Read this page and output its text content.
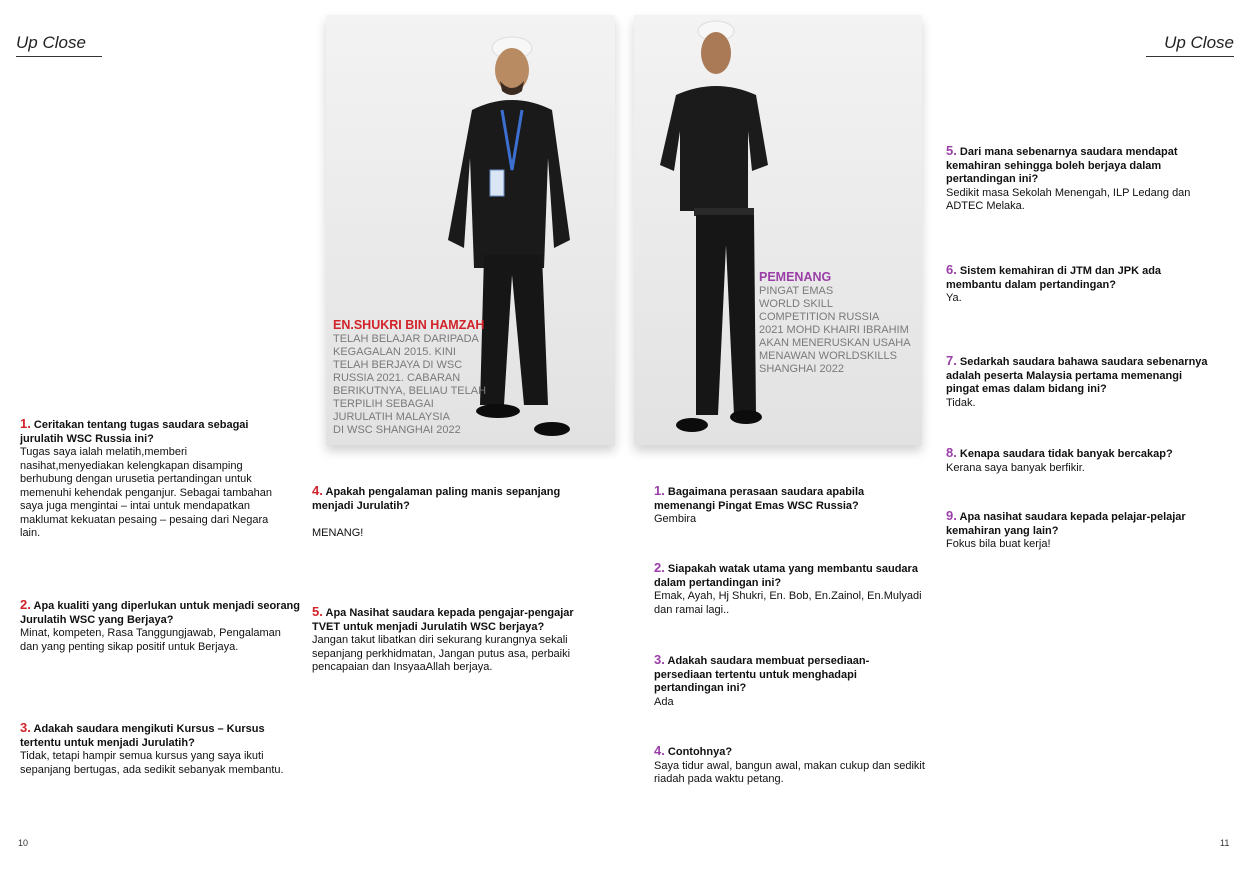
Up Close	Up Close
EN.SHUKRI BIN HAMZAH
TELAH BELAJAR DARIPADA
KEGAGALAN 2015. KINI
TELAH BERJAYA DI WSC
RUSSIA 2021. CABARAN
BERIKUTNYA, BELIAU TELAH
TERPILIH SEBAGAI
JURULATIH MALAYSIA
DI WSC SHANGHAI 2022
PEMENANG
PINGAT EMAS
WORLD SKILL
COMPETITION RUSSIA
2021 MOHD KHAIRI IBRAHIM
AKAN MENERUSKAN USAHA
MENAWAN WORLDSKILLS
SHANGHAI 2022
1. Ceritakan tentang tugas saudara sebagai jurulatih WSC Russia ini?
Tugas saya ialah melatih,memberi nasihat,menyediakan kelengkapan disamping berhubung dengan urusetia pertandingan untuk memenuhi kehendak penganjur. Sebagai tambahan saya juga mengintai – intai untuk mendapatkan maklumat kekuatan pesaing – pesaing dari Negara lain.
2. Apa kualiti yang diperlukan untuk menjadi seorang Jurulatih WSC yang Berjaya?
Minat, kompeten, Rasa Tanggungjawab, Pengalaman dan yang penting sikap positif untuk Berjaya.
3. Adakah saudara mengikuti Kursus – Kursus tertentu untuk menjadi Jurulatih?
Tidak, tetapi hampir semua kursus yang saya ikuti sepanjang bertugas, ada sedikit sebanyak membantu.
4. Apakah pengalaman paling manis sepanjang menjadi Jurulatih?
MENANG!
5. Apa Nasihat saudara kepada pengajar-pengajar TVET untuk menjadi Jurulatih WSC berjaya?
Jangan takut libatkan diri sekurang kurangnya sekali sepanjang perkhidmatan, Jangan putus asa, perbaiki pencapaian dan InsyaaAllah berjaya.
1. Bagaimana perasaan saudara apabila memenangi Pingat Emas WSC Russia?
Gembira
2. Siapakah watak utama yang membantu saudara dalam pertandingan ini?
Emak, Ayah, Hj Shukri, En. Bob, En.Zainol, En.Mulyadi dan ramai lagi..
3. Adakah saudara membuat persediaan-persediaan tertentu untuk menghadapi pertandingan ini?
Ada
4. Contohnya?
Saya tidur awal, bangun awal, makan cukup dan sedikit riadah pada waktu petang.
5. Dari mana sebenarnya saudara mendapat kemahiran sehingga boleh berjaya dalam pertandingan ini?
Sedikit masa Sekolah Menengah, ILP Ledang dan ADTEC Melaka.
6. Sistem kemahiran di JTM dan JPK ada membantu dalam pertandingan?
Ya.
7. Sedarkah saudara bahawa saudara sebenarnya adalah peserta Malaysia pertama memenangi pingat emas dalam bidang ini?
Tidak.
8. Kenapa saudara tidak banyak bercakap?
Kerana saya banyak berfikir.
9. Apa nasihat saudara kepada pelajar-pelajar kemahiran yang lain?
Fokus bila buat kerja!
10	11
